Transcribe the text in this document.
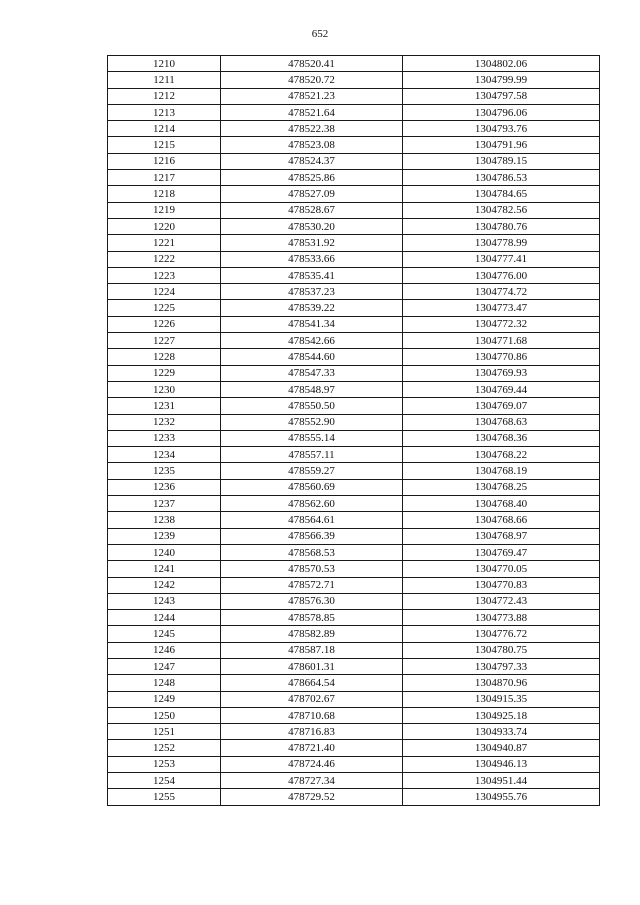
652
1210	478520.41	1304802.06
1211	478520.72	1304799.99
1212	478521.23	1304797.58
1213	478521.64	1304796.06
1214	478522.38	1304793.76
1215	478523.08	1304791.96
1216	478524.37	1304789.15
1217	478525.86	1304786.53
1218	478527.09	1304784.65
1219	478528.67	1304782.56
1220	478530.20	1304780.76
1221	478531.92	1304778.99
1222	478533.66	1304777.41
1223	478535.41	1304776.00
1224	478537.23	1304774.72
1225	478539.22	1304773.47
1226	478541.34	1304772.32
1227	478542.66	1304771.68
1228	478544.60	1304770.86
1229	478547.33	1304769.93
1230	478548.97	1304769.44
1231	478550.50	1304769.07
1232	478552.90	1304768.63
1233	478555.14	1304768.36
1234	478557.11	1304768.22
1235	478559.27	1304768.19
1236	478560.69	1304768.25
1237	478562.60	1304768.40
1238	478564.61	1304768.66
1239	478566.39	1304768.97
1240	478568.53	1304769.47
1241	478570.53	1304770.05
1242	478572.71	1304770.83
1243	478576.30	1304772.43
1244	478578.85	1304773.88
1245	478582.89	1304776.72
1246	478587.18	1304780.75
1247	478601.31	1304797.33
1248	478664.54	1304870.96
1249	478702.67	1304915.35
1250	478710.68	1304925.18
1251	478716.83	1304933.74
1252	478721.40	1304940.87
1253	478724.46	1304946.13
1254	478727.34	1304951.44
1255	478729.52	1304955.76
